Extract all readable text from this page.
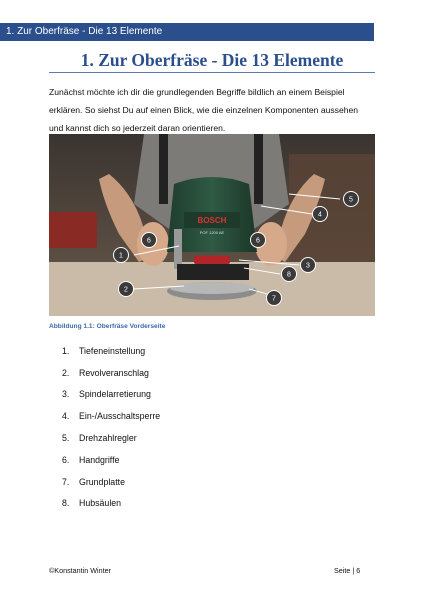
1. Zur Oberfräse - Die 13 Elemente
1. Zur Oberfräse - Die 13 Elemente
Zunächst möchte ich dir die grundlegenden Begriffe bildlich an einem Beispiel
erklären. So siehst Du auf einen Blick, wie die einzelnen Komponenten aussehen
und kannst dich so jederzeit daran orientieren.
BOSCH
POF 1200 AE
1
2
3
4
5
6	6
7
8
Abbildung 1.1: Oberfräse Vorderseite
1.	Tiefeneinstellung
2.	Revolveranschlag
3.	Spindelarretierung
4.	Ein-/Ausschaltsperre
5.	Drehzahlregler
6.	Handgriffe
7.	Grundplatte
8.	Hubsäulen
©Konstantin Winter	Seite | 6
